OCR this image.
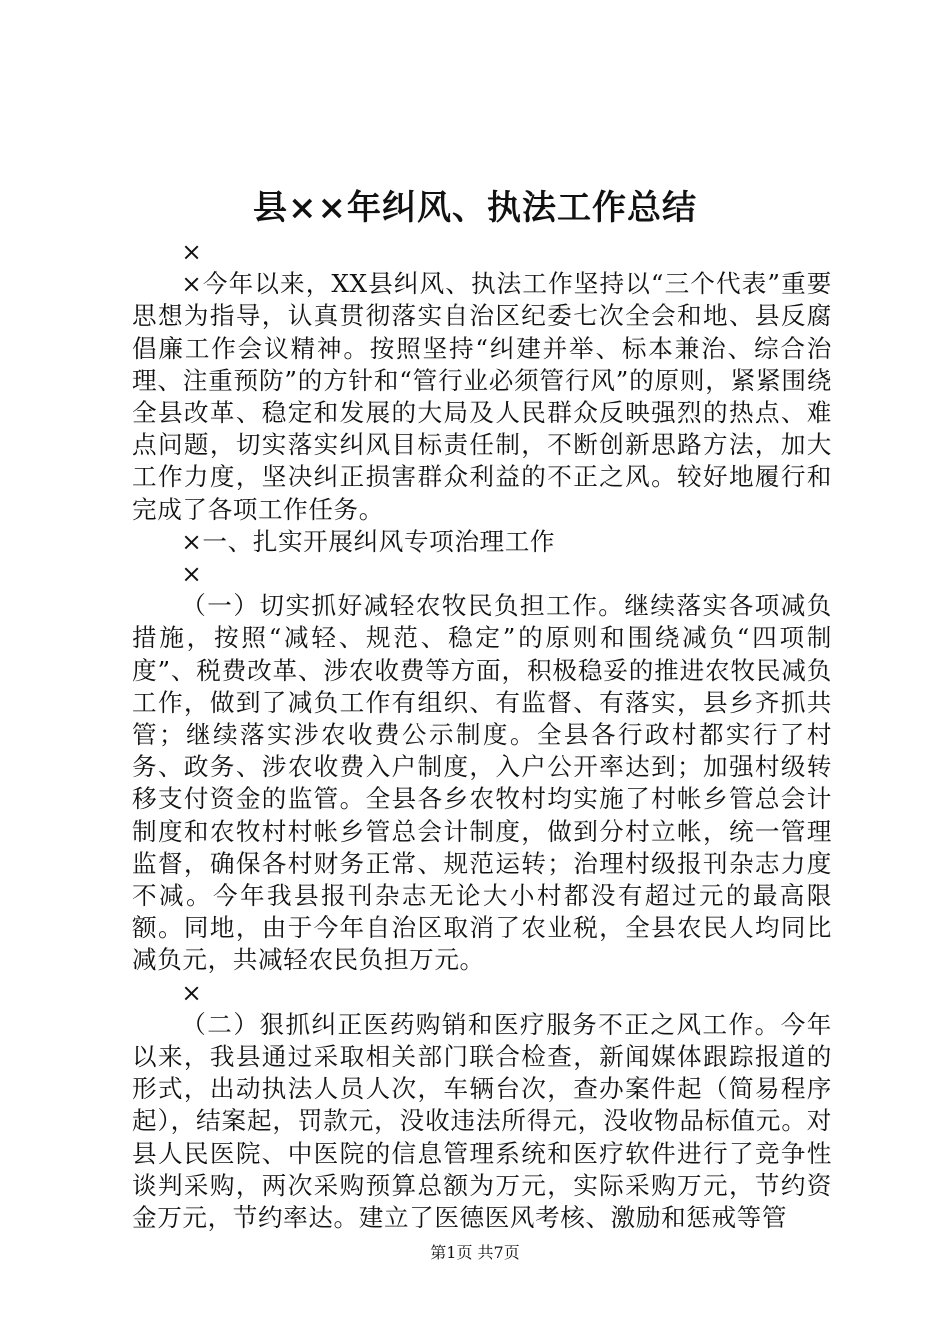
县××年纠风、执法工作总结

×

×今年以来，XX县纠风、执法工作坚持以“三个代表”重要思想为指导，认真贯彻落实自治区纪委七次全会和地、县反腐倡廉工作会议精神。按照坚持“纠建并举、标本兼治、综合治理、注重预防”的方针和“管行业必须管行风”的原则，紧紧围绕全县改革、稳定和发展的大局及人民群众反映强烈的热点、难点问题，切实落实纠风目标责任制，不断创新思路方法，加大工作力度，坚决纠正损害群众利益的不正之风。较好地履行和完成了各项工作任务。

×一、扎实开展纠风专项治理工作

×

（一）切实抓好减轻农牧民负担工作。继续落实各项减负措施，按照“减轻、规范、稳定”的原则和围绕减负“四项制度”、税费改革、涉农收费等方面，积极稳妥的推进农牧民减负工作，做到了减负工作有组织、有监督、有落实，县乡齐抓共管；继续落实涉农收费公示制度。全县各行政村都实行了村务、政务、涉农收费入户制度，入户公开率达到；加强村级转移支付资金的监管。全县各乡农牧村均实施了村帐乡管总会计制度和农牧村村帐乡管总会计制度，做到分村立帐，统一管理监督，确保各村财务正常、规范运转；治理村级报刊杂志力度不减。今年我县报刊杂志无论大小村都没有超过元的最高限额。同地，由于今年自治区取消了农业税，全县农民人均同比减负元，共减轻农民负担万元。

×

（二）狠抓纠正医药购销和医疗服务不正之风工作。今年以来，我县通过采取相关部门联合检查，新闻媒体跟踪报道的形式，出动执法人员人次，车辆台次，查办案件起（简易程序起），结案起，罚款元，没收违法所得元，没收物品标值元。对县人民医院、中医院的信息管理系统和医疗软件进行了竞争性谈判采购，两次采购预算总额为万元，实际采购万元，节约资金万元，节约率达。建立了医德医风考核、激励和惩戒等管

第1页 共7页
